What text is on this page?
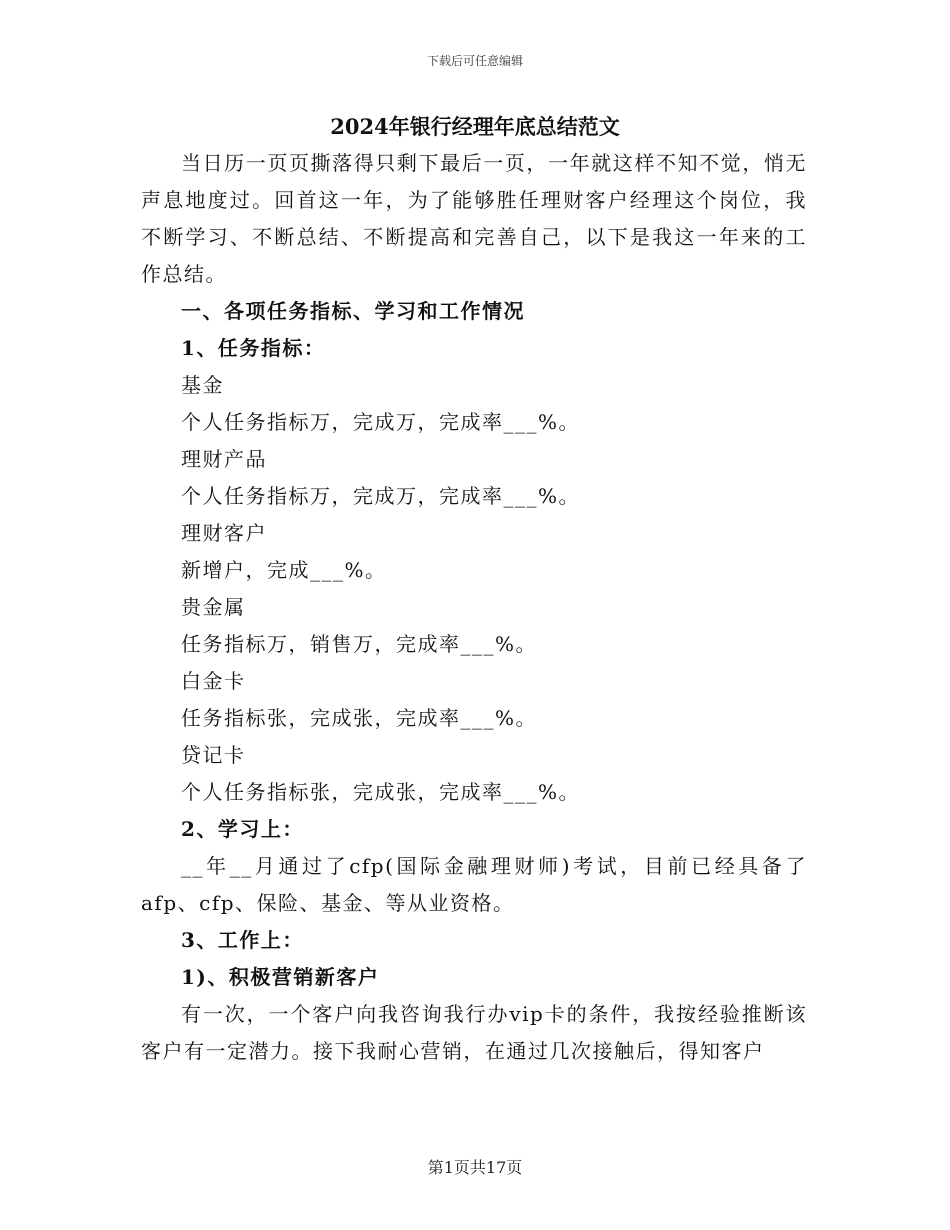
下载后可任意编辑
2024年银行经理年底总结范文

当日历一页页撕落得只剩下最后一页，一年就这样不知不觉，悄无声息地度过。回首这一年，为了能够胜任理财客户经理这个岗位，我不断学习、不断总结、不断提高和完善自己，以下是我这一年来的工作总结。

一、各项任务指标、学习和工作情况

1、任务指标：

基金

个人任务指标万，完成万，完成率___%。

理财产品

个人任务指标万，完成万，完成率___%。

理财客户

新增户，完成___%。

贵金属

任务指标万，销售万，完成率___%。

白金卡

任务指标张，完成张，完成率___%。

贷记卡

个人任务指标张，完成张，完成率___%。

2、学习上：

__年__月通过了cfp(国际金融理财师)考试，目前已经具备了afp、cfp、保险、基金、等从业资格。

3、工作上：

1)、积极营销新客户

有一次，一个客户向我咨询我行办vip卡的条件，我按经验推断该客户有一定潜力。接下我耐心营销，在通过几次接触后，得知客户

第1页共17页
